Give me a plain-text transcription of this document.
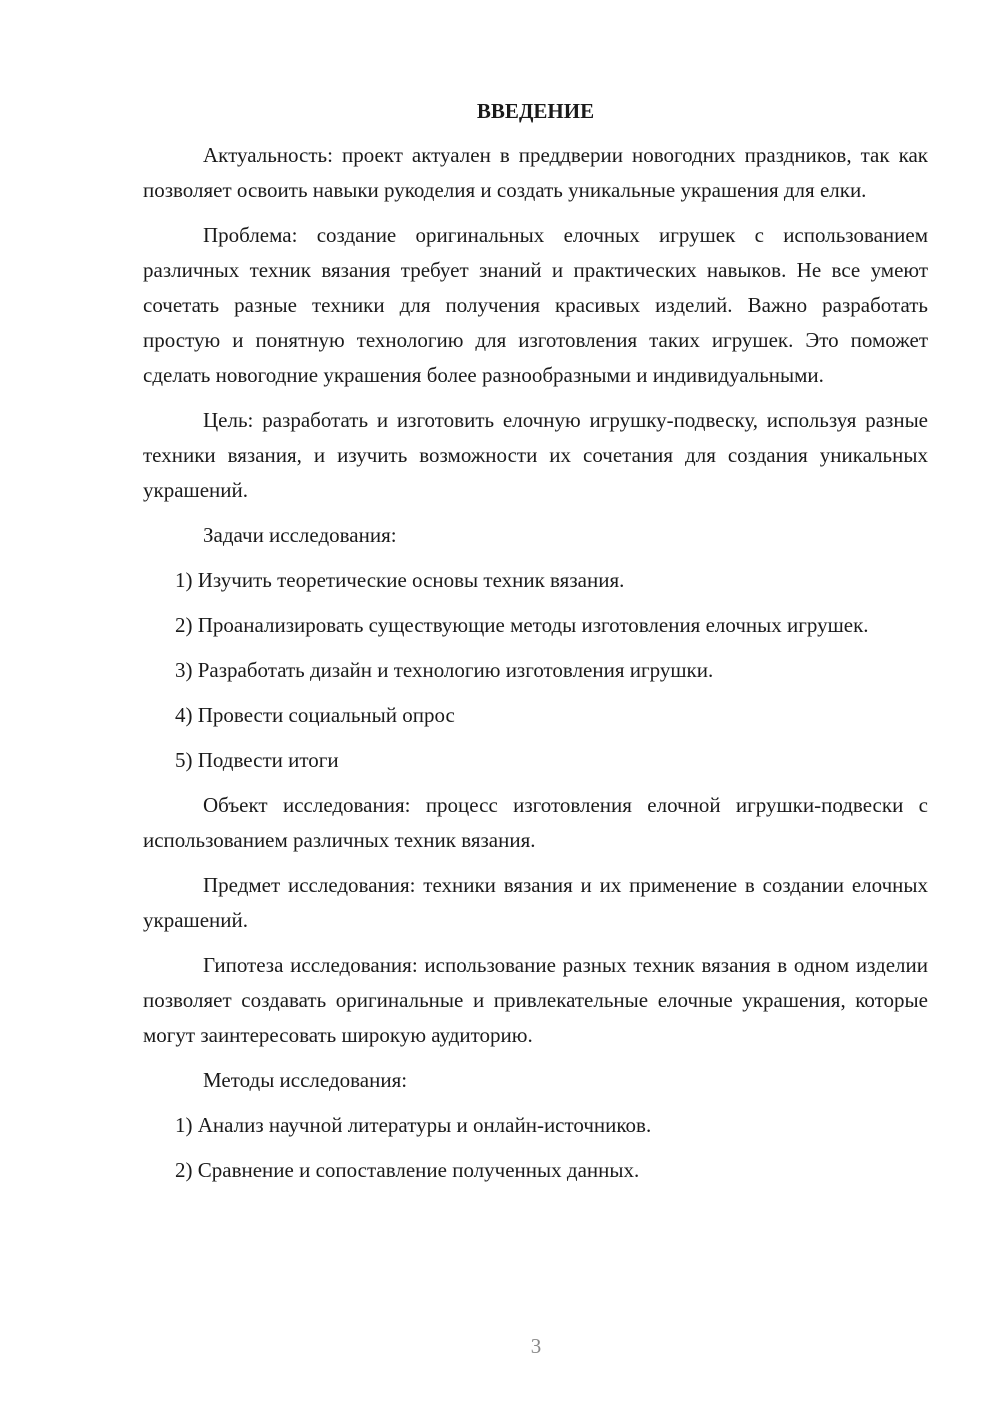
ВВЕДЕНИЕ

Актуальность: проект актуален в преддверии новогодних праздников, так как позволяет освоить навыки рукоделия и создать уникальные украшения для елки.

Проблема: создание оригинальных елочных игрушек с использованием различных техник вязания требует знаний и практических навыков. Не все умеют сочетать разные техники для получения красивых изделий. Важно разработать простую и понятную технологию для изготовления таких игрушек. Это поможет сделать новогодние украшения более разнообразными и индивидуальными.

Цель: разработать и изготовить елочную игрушку-подвеску, используя разные техники вязания, и изучить возможности их сочетания для создания уникальных украшений.

Задачи исследования:

1) Изучить теоретические основы техник вязания.

2) Проанализировать существующие методы изготовления елочных игрушек.

3) Разработать дизайн и технологию изготовления игрушки.

4) Провести социальный опрос

5) Подвести итоги

Объект исследования: процесс изготовления елочной игрушки-подвески с использованием различных техник вязания.

Предмет исследования: техники вязания и их применение в создании елочных украшений.

Гипотеза исследования: использование разных техник вязания в одном изделии позволяет создавать оригинальные и привлекательные елочные украшения, которые могут заинтересовать широкую аудиторию.

Методы исследования:

1) Анализ научной литературы и онлайн-источников.

2) Сравнение и сопоставление полученных данных.

3
